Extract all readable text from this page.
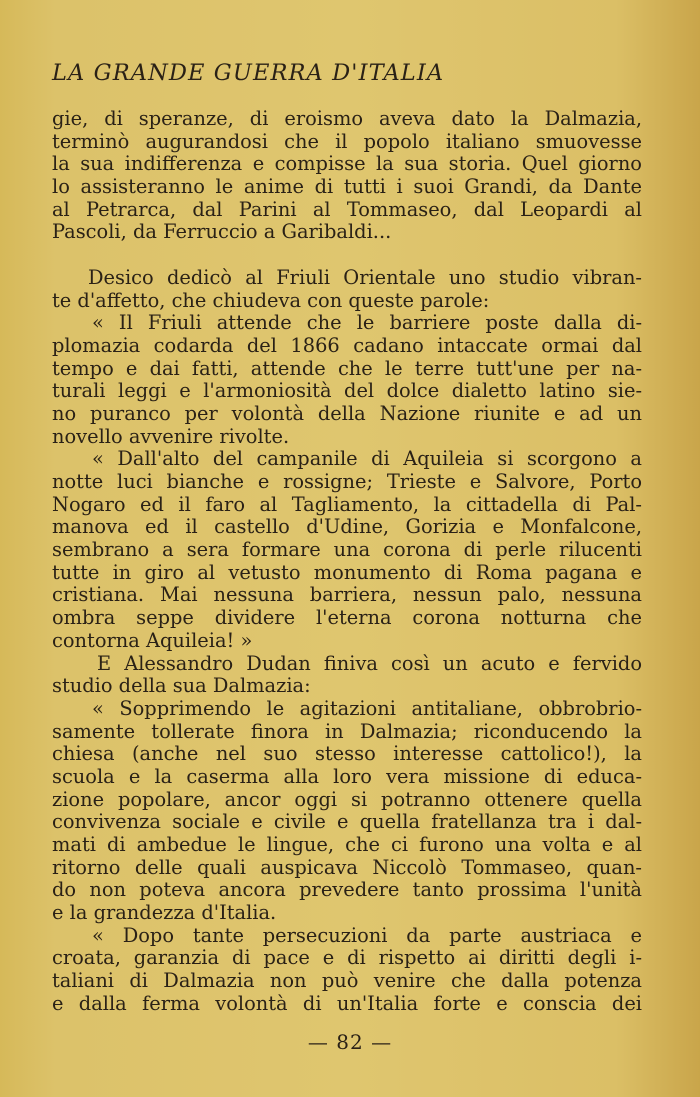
LA GRANDE GUERRA D'ITALIA
gie, di speranze, di eroismo aveva dato la Dalmazia,
terminò augurandosi che il popolo italiano smuovesse
la sua indifferenza e compisse la sua storia. Quel giorno
lo assisteranno le anime di tutti i suoi Grandi, da Dante
al Petrarca, dal Parini al Tommaseo, dal Leopardi al
Pascoli, da Ferruccio a Garibaldi...
Desico dedicò al Friuli Orientale uno studio vibran-
te d'affetto, che chiudeva con queste parole:
« Il Friuli attende che le barriere poste dalla di-
plomazia codarda del 1866 cadano intaccate ormai dal
tempo e dai fatti, attende che le terre tutt'une per na-
turali leggi e l'armoniosità del dolce dialetto latino sie-
no puranco per volontà della Nazione riunite e ad un
novello avvenire rivolte.
« Dall'alto del campanile di Aquileia si scorgono a
notte luci bianche e rossigne; Trieste e Salvore, Porto
Nogaro ed il faro al Tagliamento, la cittadella di Pal-
manova ed il castello d'Udine, Gorizia e Monfalcone,
sembrano a sera formare una corona di perle rilucenti
tutte in giro al vetusto monumento di Roma pagana e
cristiana. Mai nessuna barriera, nessun palo, nessuna
ombra seppe dividere l'eterna corona notturna che
contorna Aquileia! »
E Alessandro Dudan finiva così un acuto e fervido
studio della sua Dalmazia:
« Sopprimendo le agitazioni antitaliane, obbrobrio-
samente tollerate finora in Dalmazia; riconducendo la
chiesa (anche nel suo stesso interesse cattolico!), la
scuola e la caserma alla loro vera missione di educa-
zione popolare, ancor oggi si potranno ottenere quella
convivenza sociale e civile e quella fratellanza tra i dal-
mati di ambedue le lingue, che ci furono una volta e al
ritorno delle quali auspicava Niccolò Tommaseo, quan-
do non poteva ancora prevedere tanto prossima l'unità
e la grandezza d'Italia.
« Dopo tante persecuzioni da parte austriaca e
croata, garanzia di pace e di rispetto ai diritti degli i-
taliani di Dalmazia non può venire che dalla potenza
e dalla ferma volontà di un'Italia forte e conscia dei
— 82 —
